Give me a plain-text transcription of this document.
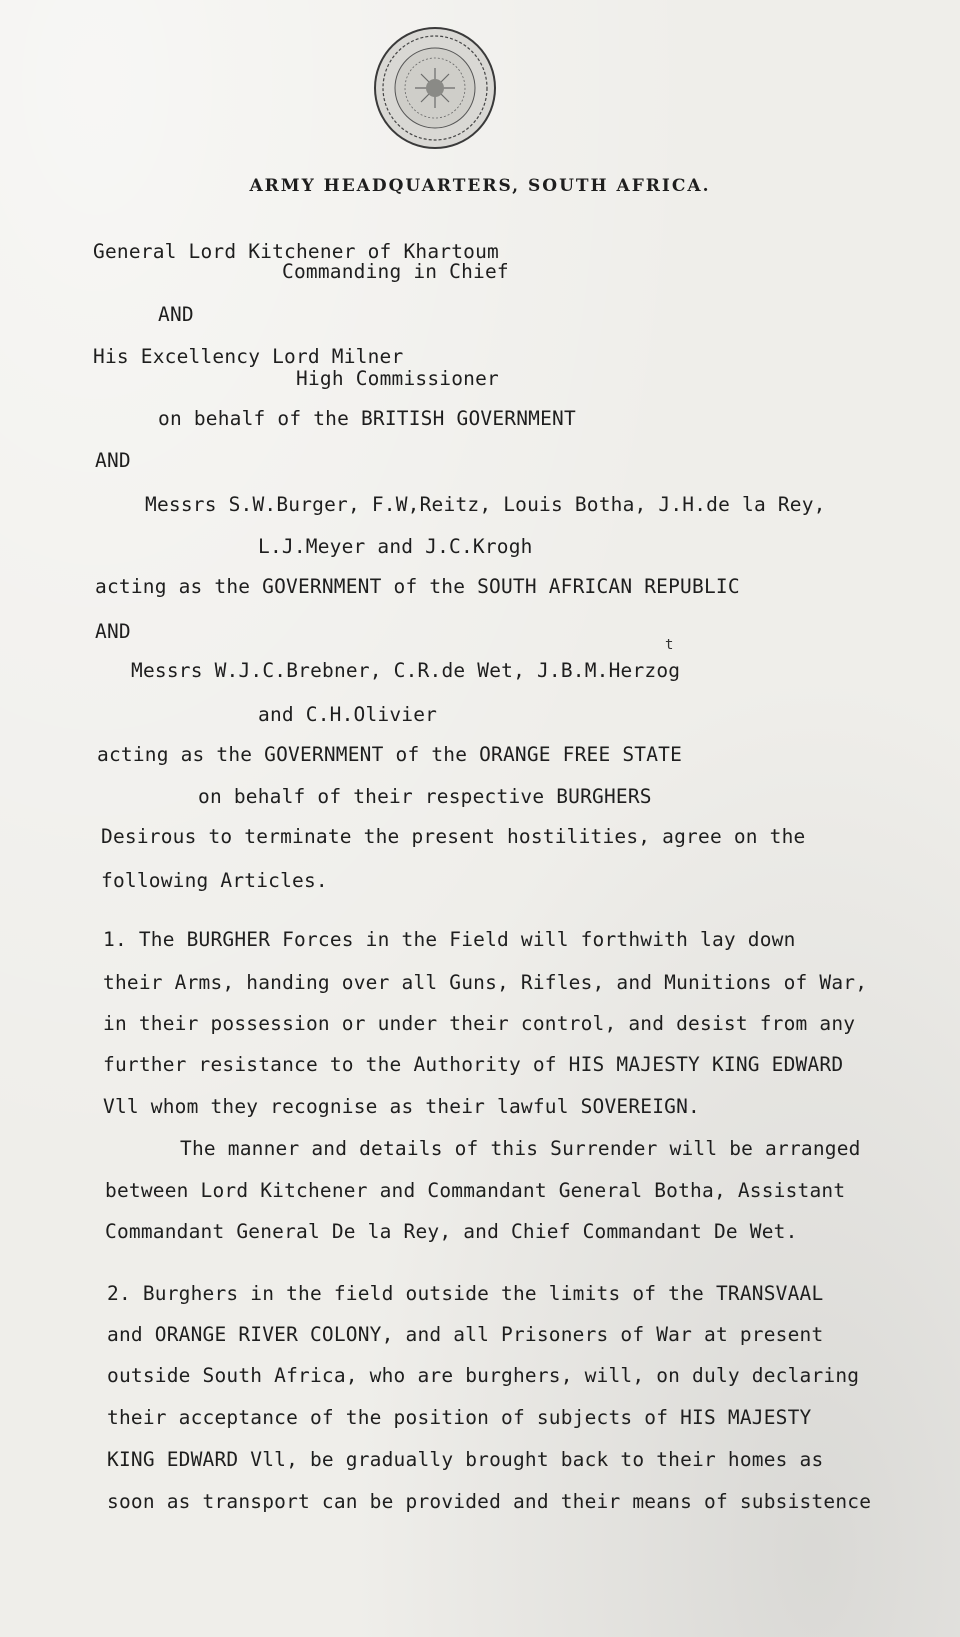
ARMY HEADQUARTERS, SOUTH AFRICA.
General Lord Kitchener of Khartoum
Commanding in Chief
AND
His Excellency Lord Milner
High Commissioner
on behalf of the BRITISH GOVERNMENT
AND
Messrs S.W.Burger, F.W,Reitz, Louis Botha, J.H.de la Rey,
L.J.Meyer and J.C.Krogh
acting as the GOVERNMENT of the SOUTH AFRICAN REPUBLIC
AND
Messrs W.J.C.Brebner, C.R.de Wet, J.B.M.Herzog
t
and C.H.Olivier
acting as the GOVERNMENT of the ORANGE FREE STATE
on behalf of their respective BURGHERS
Desirous to terminate the present hostilities, agree on the
following Articles.
1. The BURGHER Forces in the Field will forthwith lay down
their Arms, handing over all Guns, Rifles, and Munitions of War,
in their possession or under their control, and desist from any
further resistance to the Authority of HIS MAJESTY KING EDWARD
Vll whom they recognise as their lawful SOVEREIGN.
The manner and details of this Surrender will be arranged
between Lord Kitchener and Commandant General Botha, Assistant
Commandant General De la Rey, and Chief Commandant De Wet.
2. Burghers in the field outside the limits of the TRANSVAAL
and ORANGE RIVER COLONY, and all Prisoners of War at present
outside South Africa, who are burghers, will, on duly declaring
their acceptance of the position of subjects of HIS MAJESTY
KING EDWARD Vll, be gradually brought back to their homes as
soon as transport can be provided and their means of subsistence
